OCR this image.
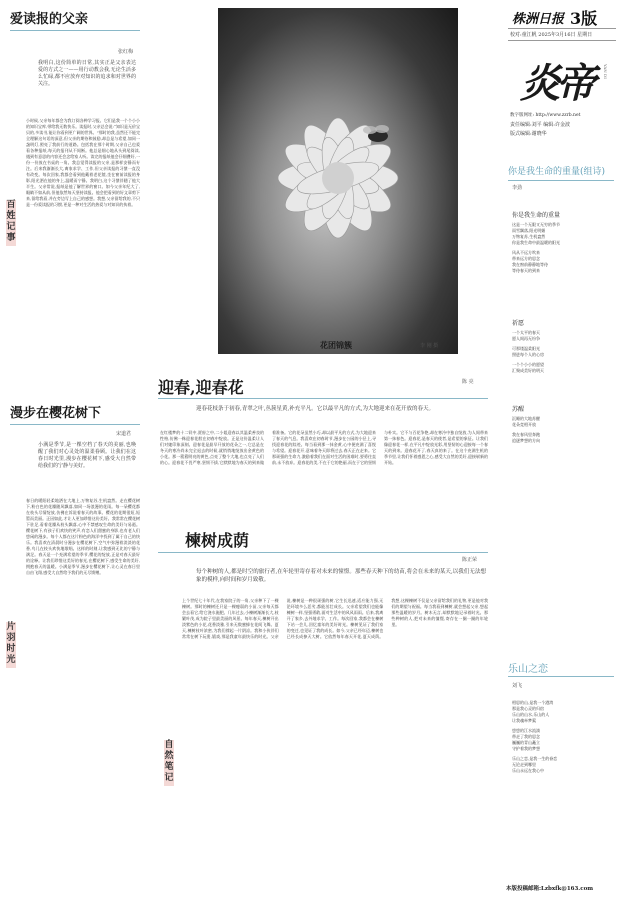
株洲日报 3版
校对:童江帆 2025年3月16日 星期日
炎帝	YAN DI
数字版网址: http://www.zzrb.net
责任编辑:刘平 编辑:许金波
版式编辑:谢晓华
爱读报的父亲
张红梅
我明白,这份简单的日常,其实正是父亲表达爱的方式之一——用行动教会我,无论生活多么忙碌,都不应放弃对知识的追求和对世界的关注。
百姓记事
小时候,父亲每年都会为我订阅各种学习报。它们是我一个个小小的知识宝库,带给我无数快乐。读报时,父亲总会说:“知识是无价宝贝的,多读书,能让你看到更广阔的世界。”那时的我,虽然还不能完全理解这句话的深意,但父亲的期待和鼓励,却总是与希望,如同一盏明灯,照亮了我前行的道路。包括我在那个时期,父亲自己也爱看各种报纸,每天的报刊从不间断。他总是细心地从头到尾阅读,遇到有意思的内容还会念给家人听。读完的报纸他会仔细叠好,一份一份放在书桌的一角。我总觉得读报的父亲,是那样安静而专注。后来我渐渐长大,离家求学、工作,但父亲读报的习惯一直没有改变。每次回家,我都会看到他戴着老花镜,坐在窗前读报的身影,阳光洒在他的身上,温暖而宁静。我明白,这个习惯伴随了他大半生。父亲常说,报纸是他了解世界的窗口。如今父亲年纪大了,眼睛不如从前,但他依然每天坚持读报。他会把看到的好文章剪下来,留给我看,并在旁边写上自己的感想。我想,父亲留给我的,不只是一份爱读报的习惯,更是一种对生活的热爱与对知识的执着。
漫步在樱花树下
宋道君
小满是季节,是一棵空档了春天的美丽,也唤醒了我们对心灵处的温柔眷顾。让我们在这春日时光里,漫步在樱花树下,感受大自然带给我们的宁静与美好。
片羽时光
春日的暖阳轻柔地洒在大地上,万物复苏,生机盎然。走在樱花树下,粉白色的花瓣随风飘落,如同一场浪漫的花雨。每一朵樱花都在枝头尽情绽放,仿佛在诉说着春天的故事。樱花的花期很短,短暂而美丽。正因如此,才让人更加珍惜这份美好。我常常在樱花树下驻足,看着花瓣从枝头飘落,心中不禁感叹生命的美好与易逝。樱花树下,有孩子们欢快的笑声,有恋人们甜蜜的身影,也有老人们悠闲的漫步。每个人都在这片粉色的海洋中找到了属于自己的快乐。我喜欢在清晨时分漫步在樱花树下,空气中弥漫着淡淡的花香,鸟儿在枝头欢快地歌唱。这样的时刻,让我感到无比的宁静与满足。春天是一个充满希望的季节,樱花的绽放,正是对春天最好的诠释。让我们珍惜这美好的春光,在樱花树下,感受生命的美好,拥抱春天的温暖。小满是季节,漫步在樱花树下,让心灵在春日里自由飞翔,感受大自然给予我们的无尽馈赠。
花团锦簇	李 刚 摄
迎春,迎春花	陈 亮
迎春花枝条于初春,青翠之叶,丛簇星黄,补充平凡。它以最平凡的方式,为大地迎来在花开放的春天。
在红楼梦的十二钗中,贾府之中,二小姐迎春以其温柔善良的性格,仿佛一株迎春花般在初春中绽放。正是这份温柔让人们对她印象深刻。迎春花是最早开放的花朵之一,它总是在冬天的寒冷尚未完全退去的时候,就悄悄地绽放出金黄色的小花。那一簇簇明亮的黄色,点亮了整个大地,也点亮了人们的心。迎春花不畏严寒,坚韧不拔,它默默地为春天的到来做着准备。它的花朵虽然小巧,却以最平凡的方式,为大地迎来了春天的气息。我喜欢在初春时节,漫步在公园的小径上,寻找迎春花的踪迹。每当看到那一抹金黄,心中便充满了喜悦与希望。迎春花开,意味着冬天即将过去,春天正在走来。它那顽强的生命力,激励着我们在面对生活的困难时,要勇往直前,永不放弃。迎春花的美,不在于它的艳丽,而在于它的坚韧与朴实。它不与百花争艳,却在寒冷中独自绽放,为人间带来第一抹春色。迎春花,是春天的使者,是希望的象征。让我们像迎春花一样,在平凡中绽放光彩,用坚韧的心迎接每一个春天的到来。迎春花开了,春天真的来了。在这个充满生机的季节里,让我们怀着感恩之心,感受大自然的美好,迎接崭新的开始。
楝树成荫
陈正荣
每个种树的人,都是时空的旅行者,在年轮里寄存着对未来的憧憬。那些春天种下的幼苗,将会在未来的某天,以我们无法想象的模样,向时间和岁月致敬。
自然笔记
上个世纪七十年代,在我家院子的一角,父亲种下了一棵楝树。那时的楝树还只是一棵瘦弱的小苗,父亲每天都会去看它,给它浇水施肥。几年过去,小楝树渐渐长大,枝繁叶茂,成为院子里最美丽的风景。每年春天,楝树开出淡紫色的小花,花香淡雅,引来无数蜜蜂在花间飞舞。夏天,楝树枝叶浓密,为我们撑起一片阴凉。我和小伙伴们常常在树下玩耍,嬉戏,那是我童年最快乐的时光。父亲说,楝树是一种很顽强的树,它生长迅速,适应能力强,无论环境多么恶劣,都能茁壮成长。父亲希望我们也能像楝树一样,坚强勇敢,面对生活中的风风雨雨。后来,我离开了家乡,去外地求学、工作。每次回家,我都会在楝树下站一会儿,回忆童年的美好时光。楝树见证了我们家的变迁,也见证了我的成长。如今,父亲已经年迈,楝树也已经长成参天大树。它依然每年春天开花,夏天成荫。我想,这棵楝树不仅是父亲留给我们的礼物,更是他对我们的期望与祝福。每当我看到楝树,就会想起父亲,想起那些温暖的岁月。树木无言,却默默地记录着时光。那些种树的人,把对未来的憧憬,寄存在一圈一圈的年轮里。
你是我生命的重量(组诗)
李劲
你是我生命的重量
这是一个无限又无穷的季节
雨雪飘落,阳光明媚
万物复苏,生机盎然
你是我生命中最温暖的阳光
风从不远方吹来
带来远方的思念
我在窗前静静地等待
等待春天的到来
祈愿
一个太平的春天
愿人间再无纷争
可那缕温柔阳光
照进每个人的心房
一个个小小的愿望
汇聚成美好的明天
苏醒
沉睡的大地苏醒
花朵竞相开放
我在春风里奔跑
追逐梦想的方向
乐山之恋
刘飞
相思的山,是我一个港湾
那是我心灵的归宿
乐山的山水,乐山的人
让我魂牵梦萦
悠悠的江水流淌
带走了我的思念
巍巍的青山矗立
守护着我的梦想
乐山之恋,是我一生的眷恋
无论走到哪里
乐山永远在我心中
本版投稿邮箱:Lzbxfk@163.com
